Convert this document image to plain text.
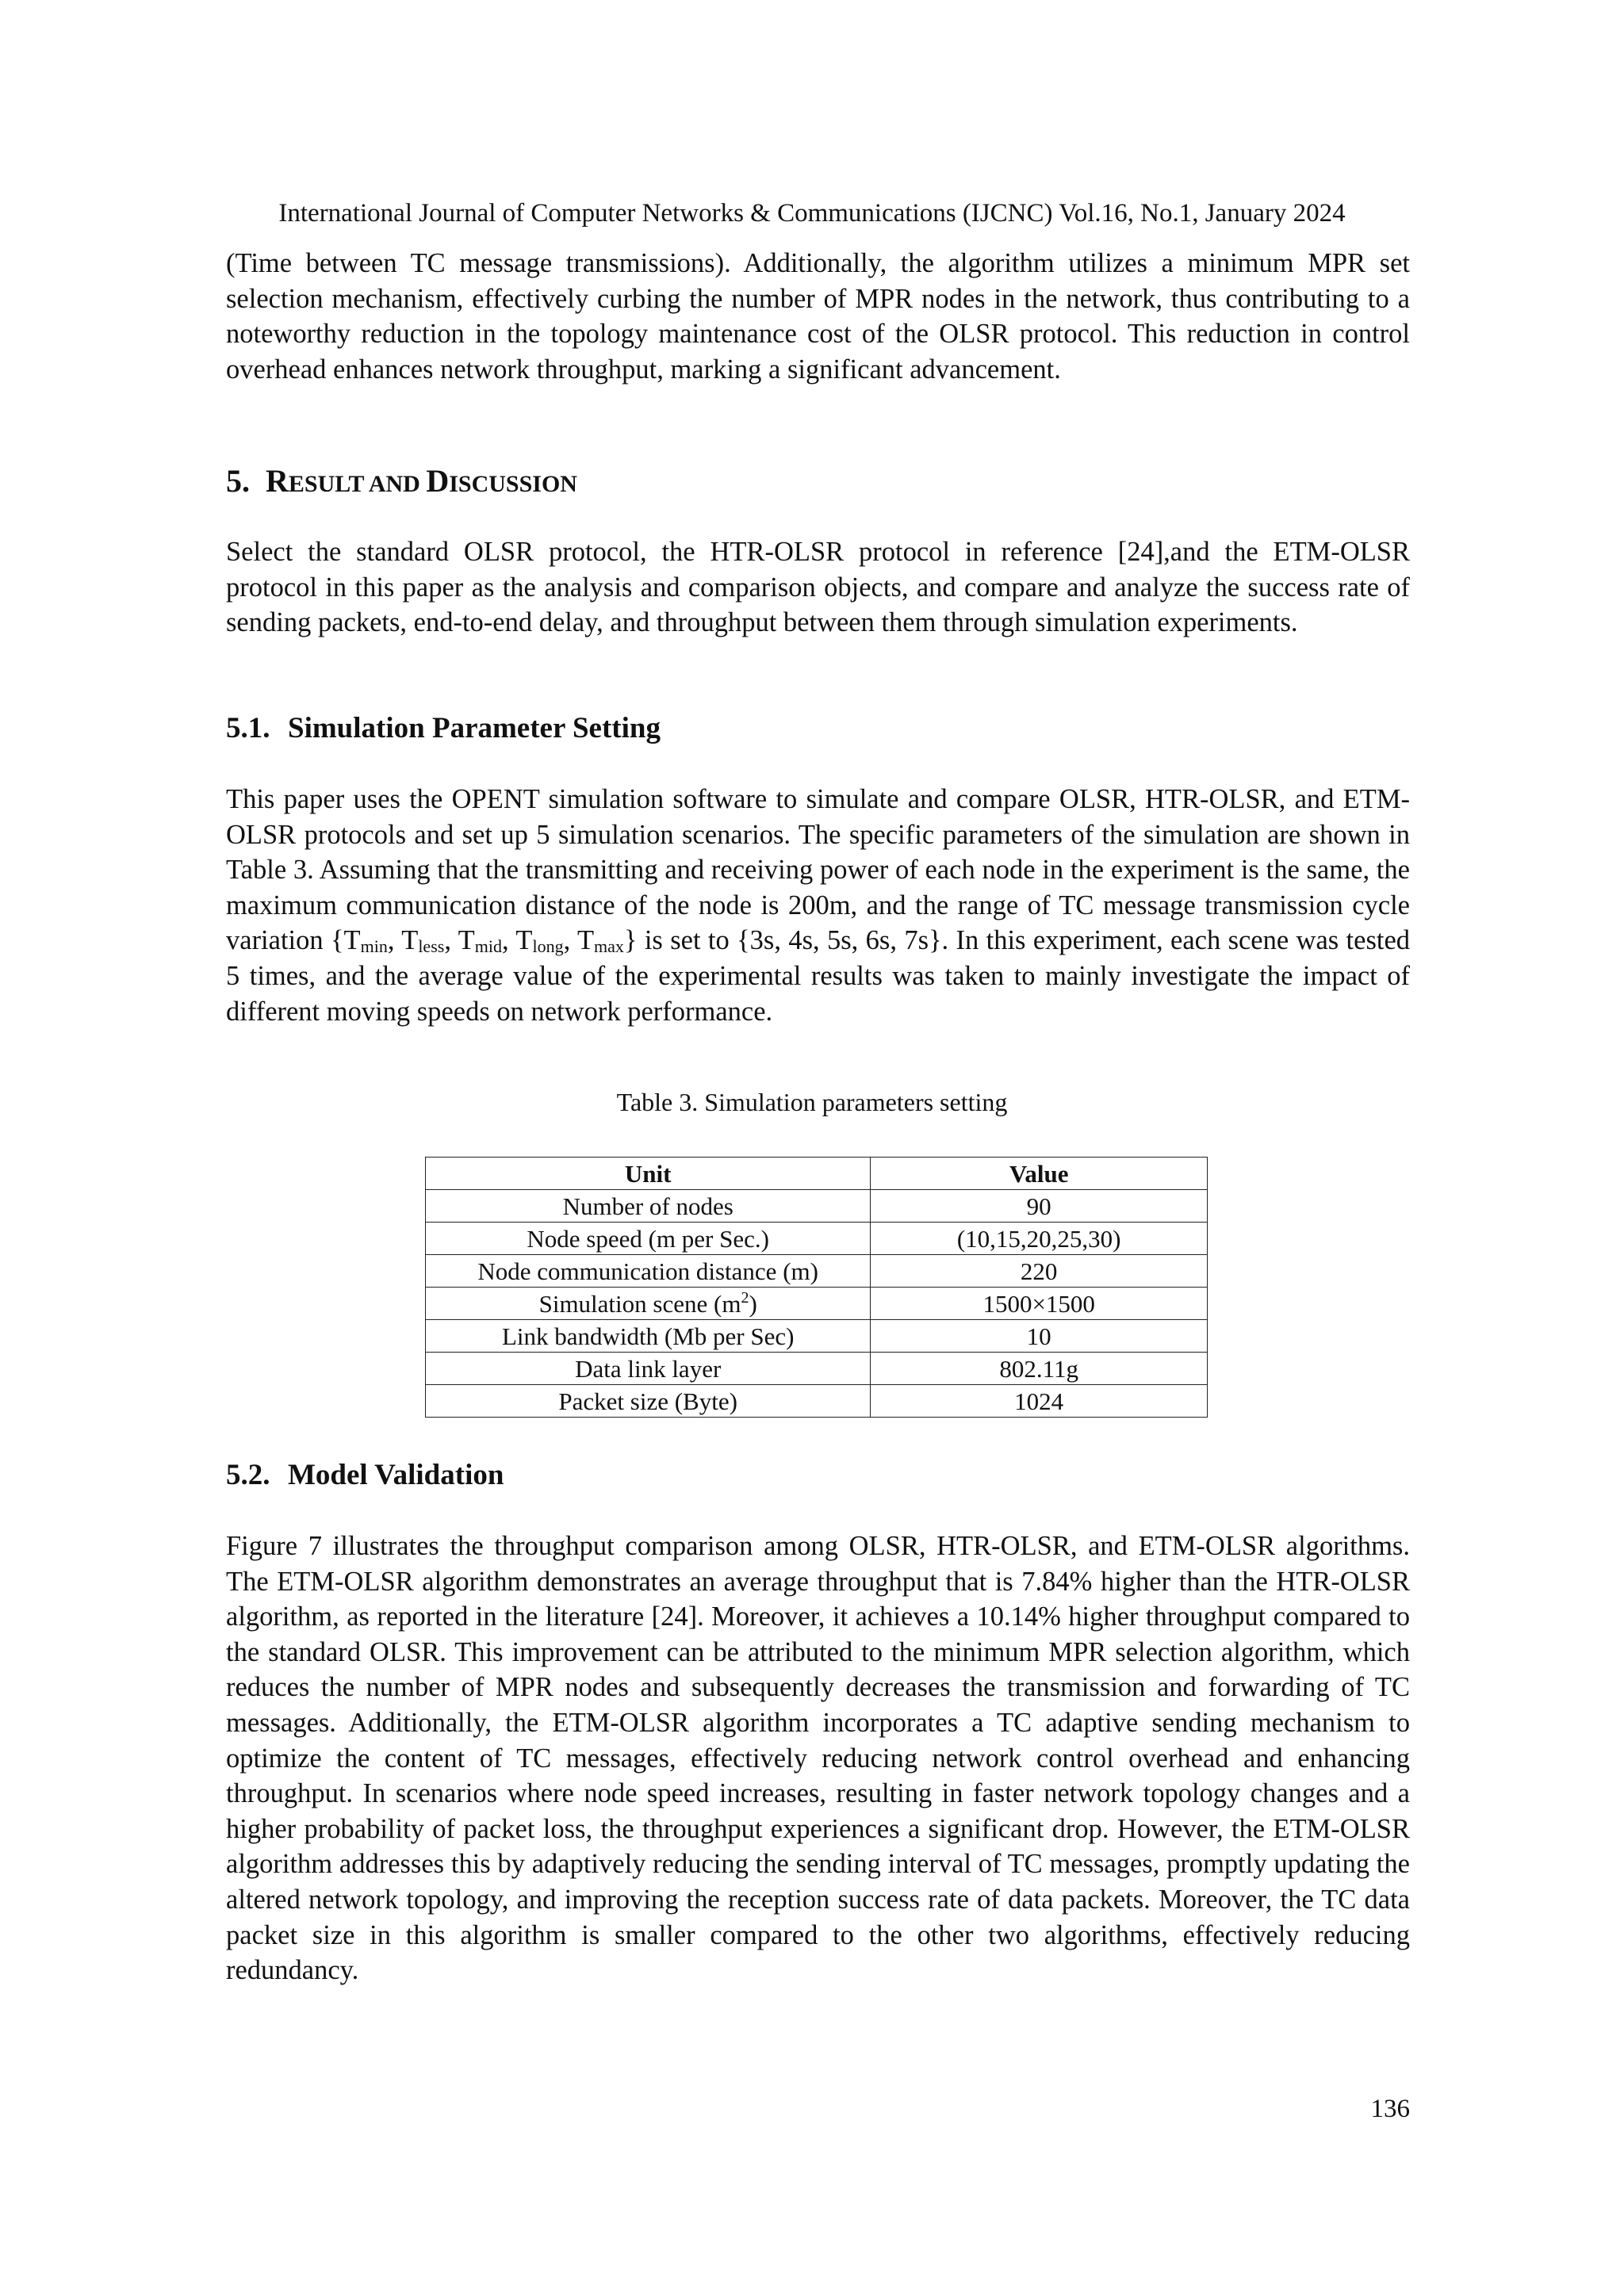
International Journal of Computer Networks & Communications (IJCNC) Vol.16, No.1, January 2024

(Time between TC message transmissions). Additionally, the algorithm utilizes a minimum MPR set selection mechanism, effectively curbing the number of MPR nodes in the network, thus contributing to a noteworthy reduction in the topology maintenance cost of the OLSR protocol. This reduction in control overhead enhances network throughput, marking a significant advancement.

5. RESULT AND DISCUSSION

Select the standard OLSR protocol, the HTR-OLSR protocol in reference [24],and the ETM-OLSR protocol in this paper as the analysis and comparison objects, and compare and analyze the success rate of sending packets, end-to-end delay, and throughput between them through simulation experiments.

5.1. Simulation Parameter Setting

This paper uses the OPENT simulation software to simulate and compare OLSR, HTR-OLSR, and ETM-OLSR protocols and set up 5 simulation scenarios. The specific parameters of the simulation are shown in Table 3. Assuming that the transmitting and receiving power of each node in the experiment is the same, the maximum communication distance of the node is 200m, and the range of TC message transmission cycle variation {$T_{min}$, $T_{less}$, $T_{mid}$, $T_{long}$, $T_{max}$} is set to {3s, 4s, 5s, 6s, 7s}. In this experiment, each scene was tested 5 times, and the average value of the experimental results was taken to mainly investigate the impact of different moving speeds on network performance.

Table 3. Simulation parameters setting
Unit	Value
Number of nodes	90
Node speed (m per Sec.)	(10,15,20,25,30)
Node communication distance (m)	220
Simulation scene $(m^2)$	1500×1500
Link bandwidth (Mb per Sec)	10
Data link layer	802.11g
Packet size (Byte)	1024
5.2. Model Validation

Figure 7 illustrates the throughput comparison among OLSR, HTR-OLSR, and ETM-OLSR algorithms. The ETM-OLSR algorithm demonstrates an average throughput that is 7.84% higher than the HTR-OLSR algorithm, as reported in the literature [24]. Moreover, it achieves a 10.14% higher throughput compared to the standard OLSR. This improvement can be attributed to the minimum MPR selection algorithm, which reduces the number of MPR nodes and subsequently decreases the transmission and forwarding of TC messages. Additionally, the ETM-OLSR algorithm incorporates a TC adaptive sending mechanism to optimize the content of TC messages, effectively reducing network control overhead and enhancing throughput. In scenarios where node speed increases, resulting in faster network topology changes and a higher probability of packet loss, the throughput experiences a significant drop. However, the ETM-OLSR algorithm addresses this by adaptively reducing the sending interval of TC messages, promptly updating the altered network topology, and improving the reception success rate of data packets. Moreover, the TC data packet size in this algorithm is smaller compared to the other two algorithms, effectively reducing redundancy.

136
